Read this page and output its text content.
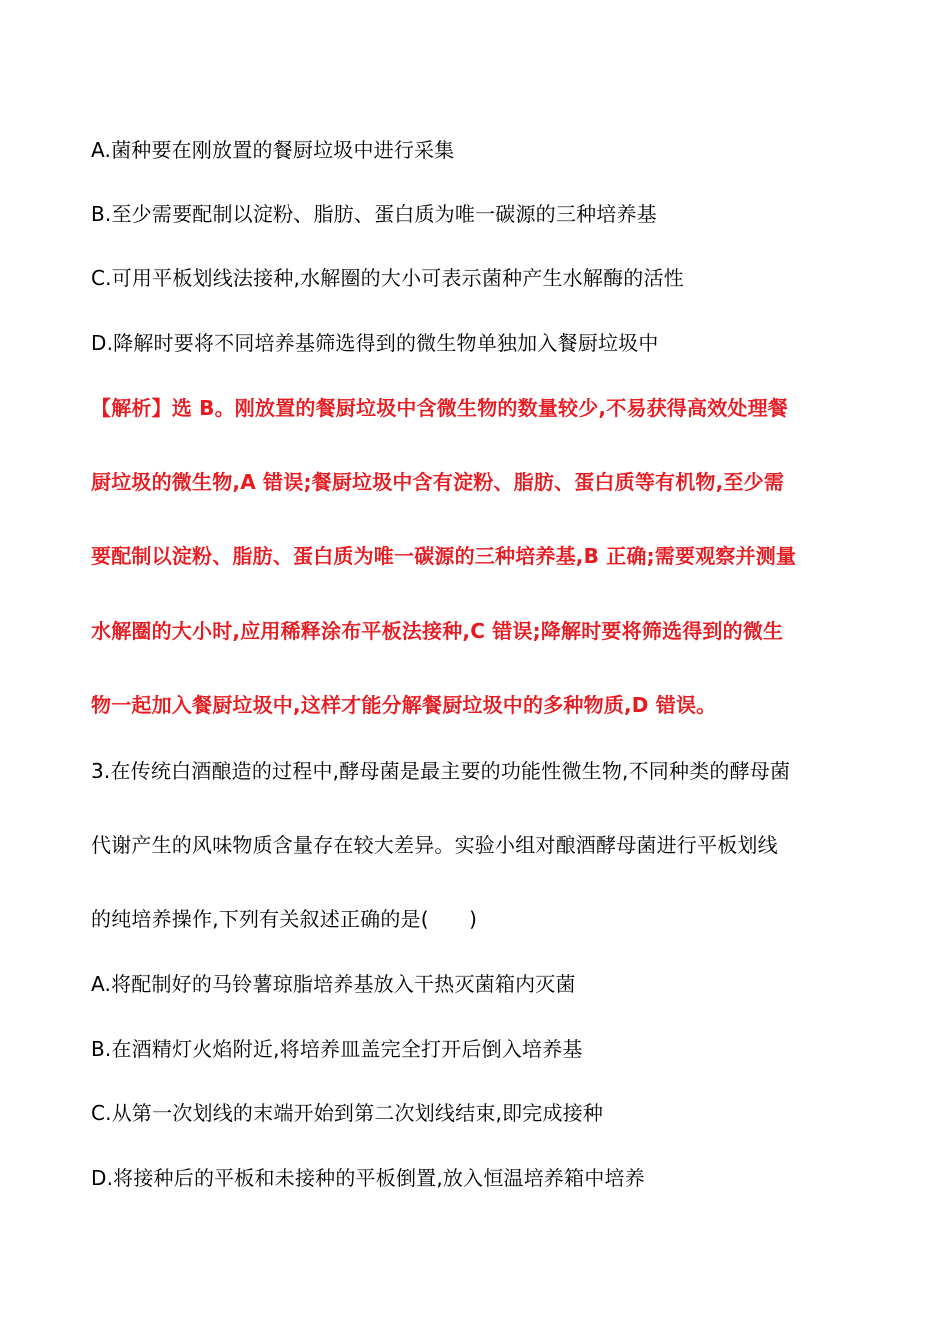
A.菌种要在刚放置的餐厨垃圾中进行采集
B.至少需要配制以淀粉、脂肪、蛋白质为唯一碳源的三种培养基
C.可用平板划线法接种,水解圈的大小可表示菌种产生水解酶的活性
D.降解时要将不同培养基筛选得到的微生物单独加入餐厨垃圾中
【解析】选 B。刚放置的餐厨垃圾中含微生物的数量较少,不易获得高效处理餐
厨垃圾的微生物,A 错误;餐厨垃圾中含有淀粉、脂肪、蛋白质等有机物,至少需
要配制以淀粉、脂肪、蛋白质为唯一碳源的三种培养基,B 正确;需要观察并测量
水解圈的大小时,应用稀释涂布平板法接种,C 错误;降解时要将筛选得到的微生
物一起加入餐厨垃圾中,这样才能分解餐厨垃圾中的多种物质,D 错误。
3.在传统白酒酿造的过程中,酵母菌是最主要的功能性微生物,不同种类的酵母菌
代谢产生的风味物质含量存在较大差异。实验小组对酿酒酵母菌进行平板划线
的纯培养操作,下列有关叙述正确的是(　　)
A.将配制好的马铃薯琼脂培养基放入干热灭菌箱内灭菌
B.在酒精灯火焰附近,将培养皿盖完全打开后倒入培养基
C.从第一次划线的末端开始到第二次划线结束,即完成接种
D.将接种后的平板和未接种的平板倒置,放入恒温培养箱中培养
